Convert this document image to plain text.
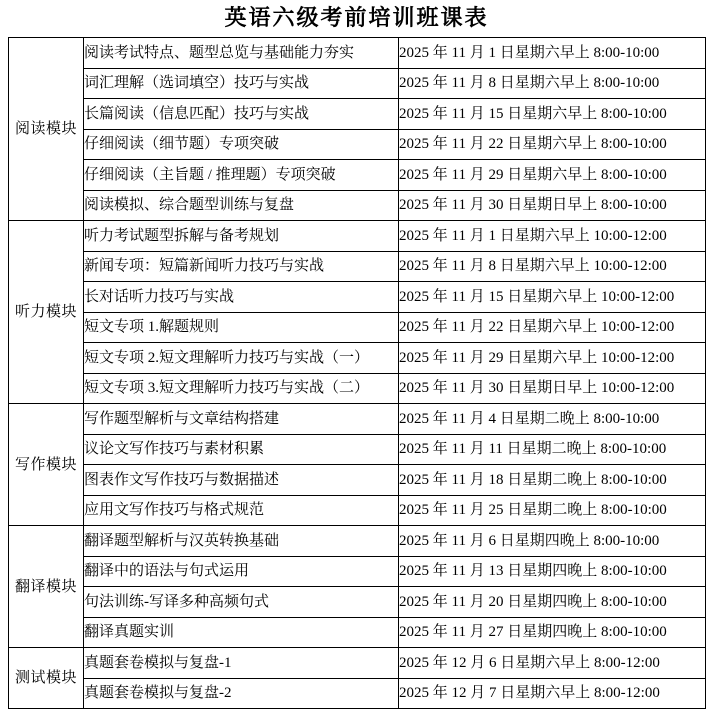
英语六级考前培训班课表
阅读模块	阅读考试特点、题型总览与基础能力夯实	2025 年 11 月 1 日星期六早上 8:00-10:00
	词汇理解（选词填空）技巧与实战	2025 年 11 月 8 日星期六早上 8:00-10:00
	长篇阅读（信息匹配）技巧与实战	2025 年 11 月 15 日星期六早上 8:00-10:00
	仔细阅读（细节题）专项突破	2025 年 11 月 22 日星期六早上 8:00-10:00
	仔细阅读（主旨题 / 推理题）专项突破	2025 年 11 月 29 日星期六早上 8:00-10:00
	阅读模拟、综合题型训练与复盘	2025 年 11 月 30 日星期日早上 8:00-10:00
听力模块	听力考试题型拆解与备考规划	2025 年 11 月 1 日星期六早上 10:00-12:00
	新闻专项：短篇新闻听力技巧与实战	2025 年 11 月 8 日星期六早上 10:00-12:00
	长对话听力技巧与实战	2025 年 11 月 15 日星期六早上 10:00-12:00
	短文专项 1.解题规则	2025 年 11 月 22 日星期六早上 10:00-12:00
	短文专项 2.短文理解听力技巧与实战（一）	2025 年 11 月 29 日星期六早上 10:00-12:00
	短文专项 3.短文理解听力技巧与实战（二）	2025 年 11 月 30 日星期日早上 10:00-12:00
写作模块	写作题型解析与文章结构搭建	2025 年 11 月 4 日星期二晚上 8:00-10:00
	议论文写作技巧与素材积累	2025 年 11 月 11 日星期二晚上 8:00-10:00
	图表作文写作技巧与数据描述	2025 年 11 月 18 日星期二晚上 8:00-10:00
	应用文写作技巧与格式规范	2025 年 11 月 25 日星期二晚上 8:00-10:00
翻译模块	翻译题型解析与汉英转换基础	2025 年 11 月 6 日星期四晚上 8:00-10:00
	翻译中的语法与句式运用	2025 年 11 月 13 日星期四晚上 8:00-10:00
	句法训练-写译多种高频句式	2025 年 11 月 20 日星期四晚上 8:00-10:00
	翻译真题实训	2025 年 11 月 27 日星期四晚上 8:00-10:00
测试模块	真题套卷模拟与复盘-1	2025 年 12 月 6 日星期六早上 8:00-12:00
	真题套卷模拟与复盘-2	2025 年 12 月 7 日星期六早上 8:00-12:00
